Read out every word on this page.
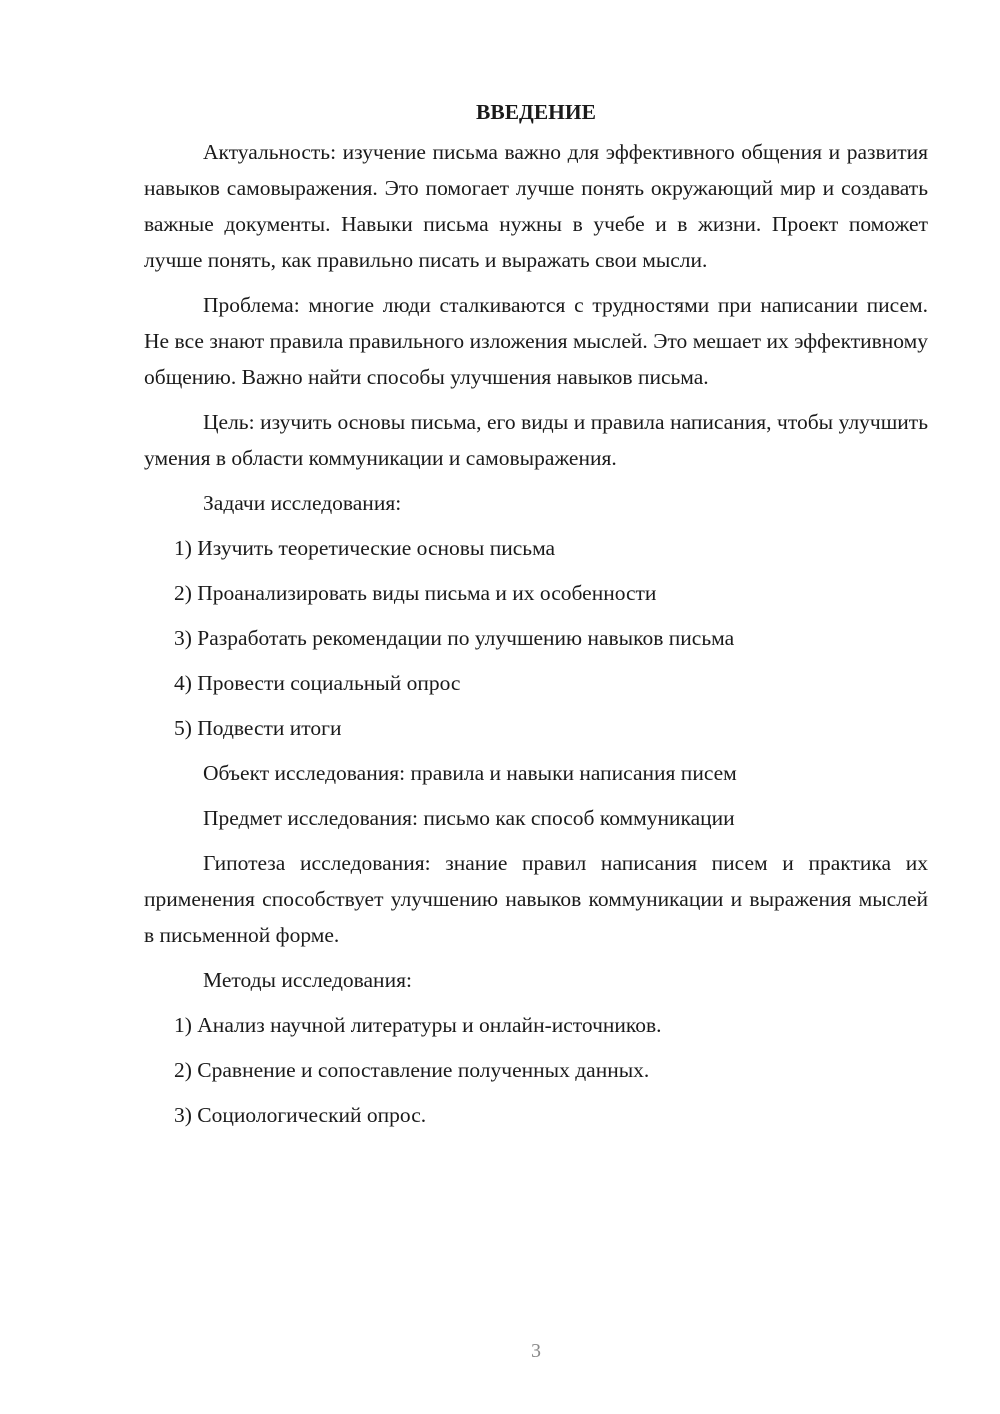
ВВЕДЕНИЕ

Актуальность: изучение письма важно для эффективного общения и развития навыков самовыражения. Это помогает лучше понять окружающий мир и создавать важные документы. Навыки письма нужны в учебе и в жизни. Проект поможет лучше понять, как правильно писать и выражать свои мысли.

Проблема: многие люди сталкиваются с трудностями при написании писем. Не все знают правила правильного изложения мыслей. Это мешает их эффективному общению. Важно найти способы улучшения навыков письма.

Цель: изучить основы письма, его виды и правила написания, чтобы улучшить умения в области коммуникации и самовыражения.

Задачи исследования:

1) Изучить теоретические основы письма

2) Проанализировать виды письма и их особенности

3) Разработать рекомендации по улучшению навыков письма

4) Провести социальный опрос

5) Подвести итоги

Объект исследования: правила и навыки написания писем

Предмет исследования: письмо как способ коммуникации

Гипотеза исследования: знание правил написания писем и практика их применения способствует улучшению навыков коммуникации и выражения мыслей в письменной форме.

Методы исследования:

1) Анализ научной литературы и онлайн-источников.

2) Сравнение и сопоставление полученных данных.

3) Социологический опрос.

3
